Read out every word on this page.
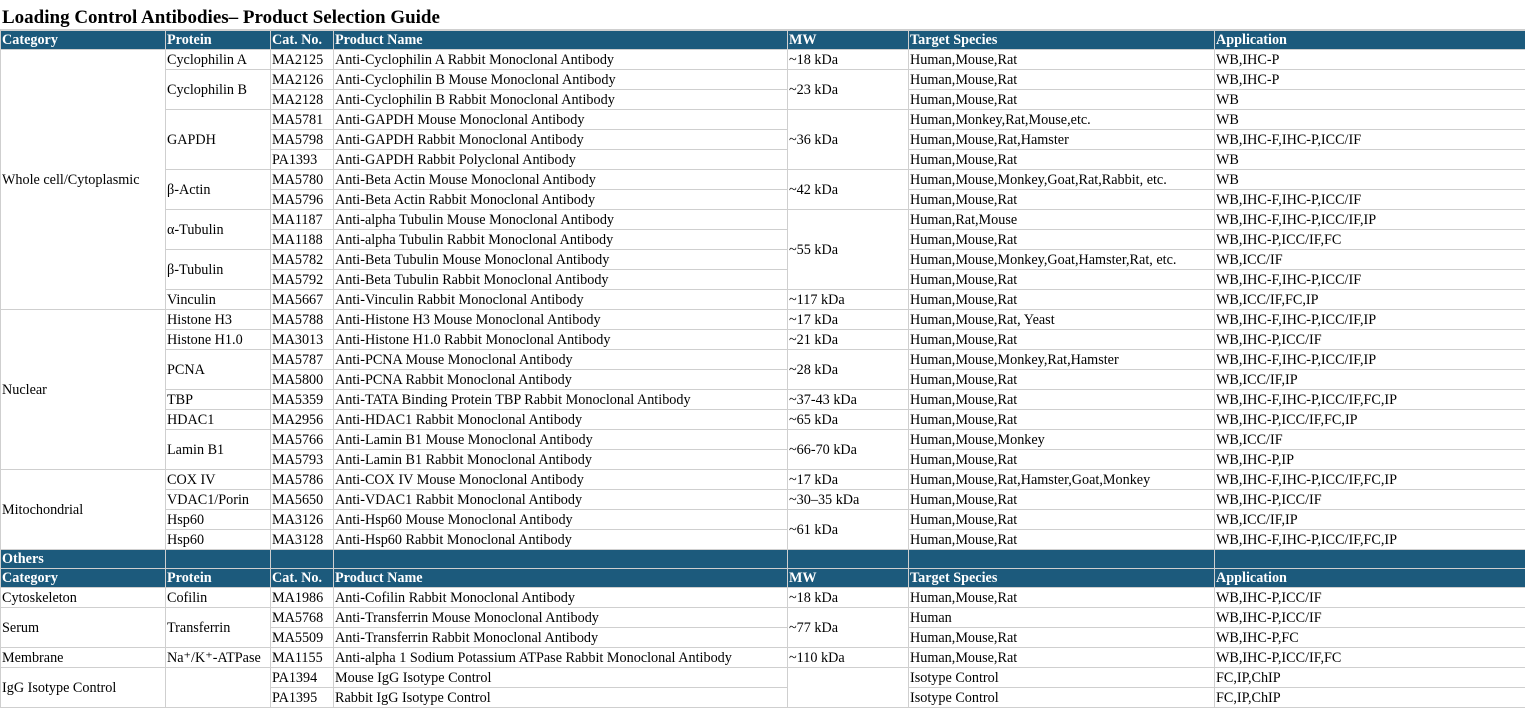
Loading Control Antibodies– Product Selection Guide
Category	Protein	Cat. No.	Product Name	MW	Target Species	Application
Whole cell/Cytoplasmic	Cyclophilin A	MA2125	Anti-Cyclophilin A Rabbit Monoclonal Antibody	~18 kDa	Human,Mouse,Rat	WB,IHC-P
	Cyclophilin B	MA2126	Anti-Cyclophilin B Mouse Monoclonal Antibody	~23 kDa	Human,Mouse,Rat	WB,IHC-P
		MA2128	Anti-Cyclophilin B Rabbit Monoclonal Antibody		Human,Mouse,Rat	WB
	GAPDH	MA5781	Anti-GAPDH Mouse Monoclonal Antibody	~36 kDa	Human,Monkey,Rat,Mouse,etc.	WB
		MA5798	Anti-GAPDH Rabbit Monoclonal Antibody		Human,Mouse,Rat,Hamster	WB,IHC-F,IHC-P,ICC/IF
		PA1393	Anti-GAPDH Rabbit Polyclonal Antibody		Human,Mouse,Rat	WB
	β-Actin	MA5780	Anti-Beta Actin Mouse Monoclonal Antibody	~42 kDa	Human,Mouse,Monkey,Goat,Rat,Rabbit, etc.	WB
		MA5796	Anti-Beta Actin Rabbit Monoclonal Antibody		Human,Mouse,Rat	WB,IHC-F,IHC-P,ICC/IF
	α-Tubulin	MA1187	Anti-alpha Tubulin Mouse Monoclonal Antibody	~55 kDa	Human,Rat,Mouse	WB,IHC-F,IHC-P,ICC/IF,IP
		MA1188	Anti-alpha Tubulin Rabbit Monoclonal Antibody		Human,Mouse,Rat	WB,IHC-P,ICC/IF,FC
	β-Tubulin	MA5782	Anti-Beta Tubulin Mouse Monoclonal Antibody		Human,Mouse,Monkey,Goat,Hamster,Rat, etc.	WB,ICC/IF
		MA5792	Anti-Beta Tubulin Rabbit Monoclonal Antibody		Human,Mouse,Rat	WB,IHC-F,IHC-P,ICC/IF
	Vinculin	MA5667	Anti-Vinculin Rabbit Monoclonal Antibody	~117 kDa	Human,Mouse,Rat	WB,ICC/IF,FC,IP
Nuclear	Histone H3	MA5788	Anti-Histone H3 Mouse Monoclonal Antibody	~17 kDa	Human,Mouse,Rat, Yeast	WB,IHC-F,IHC-P,ICC/IF,IP
	Histone H1.0	MA3013	Anti-Histone H1.0 Rabbit Monoclonal Antibody	~21 kDa	Human,Mouse,Rat	WB,IHC-P,ICC/IF
	PCNA	MA5787	Anti-PCNA Mouse Monoclonal Antibody	~28 kDa	Human,Mouse,Monkey,Rat,Hamster	WB,IHC-F,IHC-P,ICC/IF,IP
		MA5800	Anti-PCNA Rabbit Monoclonal Antibody		Human,Mouse,Rat	WB,ICC/IF,IP
	TBP	MA5359	Anti-TATA Binding Protein TBP Rabbit Monoclonal Antibody	~37-43 kDa	Human,Mouse,Rat	WB,IHC-F,IHC-P,ICC/IF,FC,IP
	HDAC1	MA2956	Anti-HDAC1 Rabbit Monoclonal Antibody	~65 kDa	Human,Mouse,Rat	WB,IHC-P,ICC/IF,FC,IP
	Lamin B1	MA5766	Anti-Lamin B1 Mouse Monoclonal Antibody	~66-70 kDa	Human,Mouse,Monkey	WB,ICC/IF
		MA5793	Anti-Lamin B1 Rabbit Monoclonal Antibody		Human,Mouse,Rat	WB,IHC-P,IP
Mitochondrial	COX IV	MA5786	Anti-COX IV Mouse Monoclonal Antibody	~17 kDa	Human,Mouse,Rat,Hamster,Goat,Monkey	WB,IHC-F,IHC-P,ICC/IF,FC,IP
	VDAC1/Porin	MA5650	Anti-VDAC1 Rabbit Monoclonal Antibody	~30–35 kDa	Human,Mouse,Rat	WB,IHC-P,ICC/IF
	Hsp60	MA3126	Anti-Hsp60 Mouse Monoclonal Antibody	~61 kDa	Human,Mouse,Rat	WB,ICC/IF,IP
	Hsp60	MA3128	Anti-Hsp60 Rabbit Monoclonal Antibody		Human,Mouse,Rat	WB,IHC-F,IHC-P,ICC/IF,FC,IP
Others						
Category	Protein	Cat. No.	Product Name	MW	Target Species	Application
Cytoskeleton	Cofilin	MA1986	Anti-Cofilin Rabbit Monoclonal Antibody	~18 kDa	Human,Mouse,Rat	WB,IHC-P,ICC/IF
Serum	Transferrin	MA5768	Anti-Transferrin Mouse Monoclonal Antibody	~77 kDa	Human	WB,IHC-P,ICC/IF
		MA5509	Anti-Transferrin Rabbit Monoclonal Antibody		Human,Mouse,Rat	WB,IHC-P,FC
Membrane	Na⁺/K⁺-ATPase	MA1155	Anti-alpha 1 Sodium Potassium ATPase Rabbit Monoclonal Antibody	~110 kDa	Human,Mouse,Rat	WB,IHC-P,ICC/IF,FC
IgG Isotype Control		PA1394	Mouse IgG Isotype Control		Isotype Control	FC,IP,ChIP
		PA1395	Rabbit IgG Isotype Control		Isotype Control	FC,IP,ChIP
